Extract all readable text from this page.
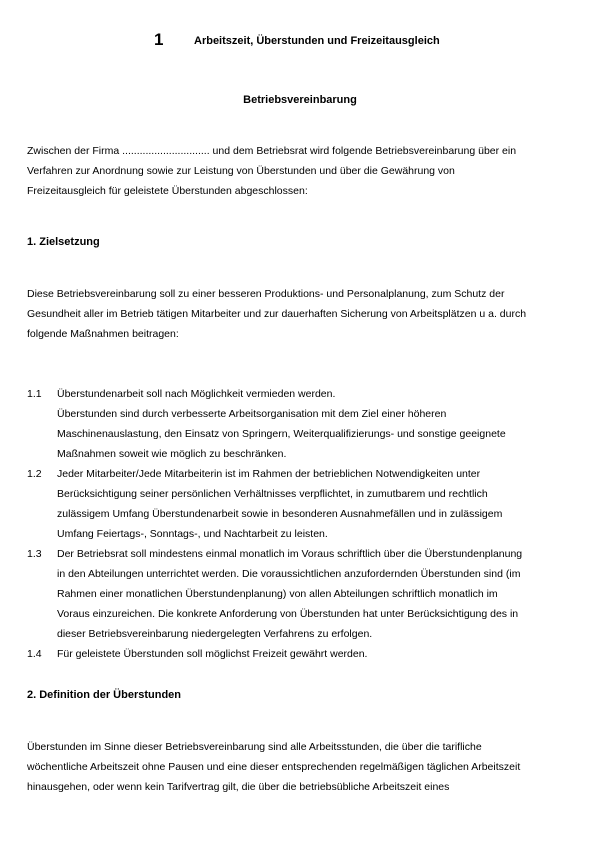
1	Arbeitszeit, Überstunden und Freizeitausgleich
Betriebsvereinbarung
Zwischen der Firma .............................. und dem Betriebsrat wird folgende Betriebsvereinbarung über ein
Verfahren zur Anordnung sowie zur Leistung von Überstunden und über die Gewährung von
Freizeitausgleich für geleistete Überstunden abgeschlossen:
1. Zielsetzung
Diese Betriebsvereinbarung soll zu einer besseren Produktions- und Personalplanung, zum Schutz der
Gesundheit aller im Betrieb tätigen Mitarbeiter und zur dauerhaften Sicherung von Arbeitsplätzen u a. durch
folgende Maßnahmen beitragen:
1.1	Überstundenarbeit soll nach Möglichkeit vermieden werden.
Überstunden sind durch verbesserte Arbeitsorganisation mit dem Ziel einer höheren
Maschinenauslastung, den Einsatz von Springern, Weiterqualifizierungs- und sonstige geeignete
Maßnahmen soweit wie möglich zu beschränken.
1.2	Jeder Mitarbeiter/Jede Mitarbeiterin ist im Rahmen der betrieblichen Notwendigkeiten unter
Berücksichtigung seiner persönlichen Verhältnisses verpflichtet, in zumutbarem und rechtlich
zulässigem Umfang Überstundenarbeit sowie in besonderen Ausnahmefällen und in zulässigem
Umfang Feiertags-, Sonntags-, und Nachtarbeit zu leisten.
1.3	Der Betriebsrat soll mindestens einmal monatlich im Voraus schriftlich über die Überstundenplanung
in den Abteilungen unterrichtet werden. Die voraussichtlichen anzufordernden Überstunden sind (im
Rahmen einer monatlichen Überstundenplanung) von allen Abteilungen schriftlich monatlich im
Voraus einzureichen. Die konkrete Anforderung von Überstunden hat unter Berücksichtigung des in
dieser Betriebsvereinbarung niedergelegten Verfahrens zu erfolgen.
1.4	Für geleistete Überstunden soll möglichst Freizeit gewährt werden.
2. Definition der Überstunden
Überstunden im Sinne dieser Betriebsvereinbarung sind alle Arbeitsstunden, die über die tarifliche
wöchentliche Arbeitszeit ohne Pausen und eine dieser entsprechenden regelmäßigen täglichen Arbeitszeit
hinausgehen, oder wenn kein Tarifvertrag gilt, die über die betriebsübliche Arbeitszeit eines
